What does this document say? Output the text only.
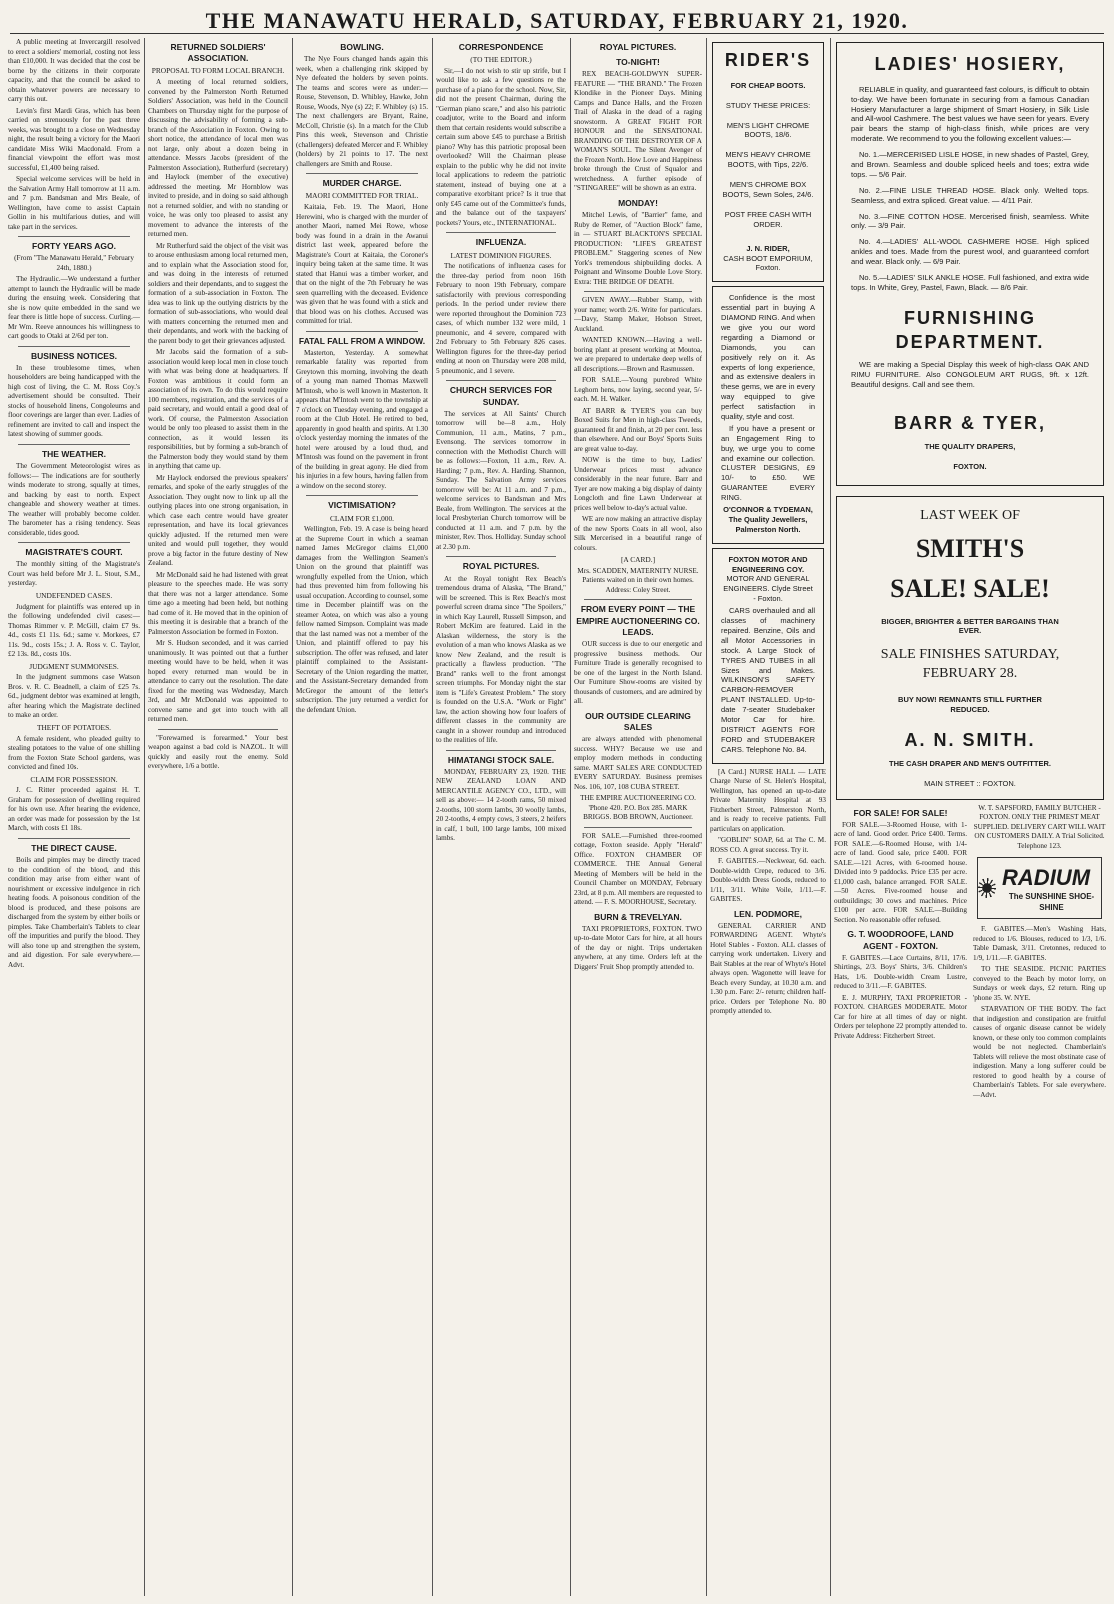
THE MANAWATU HERALD, SATURDAY, FEBRUARY 21, 1920.

A public meeting at Invercargill resolved to erect a soldiers' memorial, costing not less than £10,000. It was decided that the cost be borne by the citizens in their corporate capacity, and that the council be asked to obtain whatever powers are necessary to carry this out.

Levin's first Mardi Gras, which has been carried on strenuously for the past three weeks, was brought to a close on Wednesday night, the result being a victory for the Maori candidate Miss Wiki Macdonald. From a financial viewpoint the effort was most successful, £1,400 being raised.

Special welcome services will be held in the Salvation Army Hall tomorrow at 11 a.m. and 7 p.m. Bandsman and Mrs Beale, of Wellington, have come to assist Captain Gollin in his multifarious duties, and will take part in the services.

FORTY YEARS AGO.

(From "The Manawatu Herald," February 24th, 1880.)

The Hydraulic.—We understand a further attempt to launch the Hydraulic will be made during the ensuing week. Considering that she is now quite embedded in the sand we fear there is little hope of success. Curling.—Mr Wm. Reeve announces his willingness to cart goods to Otaki at 2/6d per ton.

BUSINESS NOTICES.

In these troublesome times, when householders are being handicapped with the high cost of living, the C. M. Ross Coy.'s advertisement should be consulted. Their stocks of household linens, Congoleums and floor coverings are larger than ever. Ladies of refinement are invited to call and inspect the latest showing of summer goods.

THE WEATHER.

The Government Meteorologist wires as follows:— The indications are for southerly winds moderate to strong, squally at times, and backing by east to north. Expect changeable and showery weather at times. The weather will probably become colder. The barometer has a rising tendency. Seas considerable, tides good.

MAGISTRATE'S COURT.

The monthly sitting of the Magistrate's Court was held before Mr J. L. Stout, S.M., yesterday.

UNDEFENDED CASES.

Judgment for plaintiffs was entered up in the following undefended civil cases:— Thomas Rimmer v. P. McGill, claim £7 9s. 4d., costs £1 11s. 6d.; same v. Morkees, £7 11s. 9d., costs 15s.; J. A. Ross v. C. Taylor, £2 13s. 8d., costs 10s.

JUDGMENT SUMMONSES.

In the judgment summons case Watson Bros. v. R. C. Beadnell, a claim of £25 7s. 6d., judgment debtor was examined at length, after hearing which the Magistrate declined to make an order.

THEFT OF POTATOES.

A female resident, who pleaded guilty to stealing potatoes to the value of one shilling from the Foxton State School gardens, was convicted and fined 10s.

CLAIM FOR POSSESSION.

J. C. Ritter proceeded against H. T. Graham for possession of dwelling required for his own use. After hearing the evidence, an order was made for possession by the 1st March, with costs £1 18s.

THE DIRECT CAUSE.

Boils and pimples may be directly traced to the condition of the blood, and this condition may arise from either want of nourishment or excessive indulgence in rich heating foods. A poisonous condition of the blood is produced, and these poisons are discharged from the system by either boils or pimples. Take Chamberlain's Tablets to clear off the impurities and purify the blood. They will also tone up and strengthen the system, and aid digestion. For sale everywhere.—Advt.

RETURNED SOLDIERS' ASSOCIATION.
PROPOSAL TO FORM LOCAL BRANCH.

A meeting of local returned soldiers, convened by the Palmerston North Returned Soldiers' Association, was held in the Council Chambers on Thursday night for the purpose of discussing the advisability of forming a sub-branch of the Association in Foxton. Owing to short notice, the attendance of local men was not large, only about a dozen being in attendance. Messrs Jacobs (president of the Palmerston Association), Rutherfurd (secretary) and Haylock (member of the executive) addressed the meeting. Mr Hornblow was invited to preside, and in doing so said although not a returned soldier, and with no standing or voice, he was only too pleased to assist any movement to advance the interests of the returned men.

Mr Rutherfurd said the object of the visit was to arouse enthusiasm among local returned men, and to explain what the Association stood for, and was doing in the interests of returned soldiers and their dependants, and to suggest the formation of a sub-association in Foxton. The idea was to link up the outlying districts by the formation of sub-associations, who would deal with matters concerning the returned men and their dependants, and work with the backing of the parent body to get their grievances adjusted.

Mr Jacobs said the formation of a sub-association would keep local men in close touch with what was being done at headquarters. If Foxton was ambitious it could form an association of its own. To do this would require 100 members, registration, and the services of a paid secretary, and would entail a good deal of work. Of course, the Palmerston Association would be only too pleased to assist them in the connection, as it would lessen its responsibilities, but by forming a sub-branch of the Palmerston body they would stand by them in anything that came up.

Mr Haylock endorsed the previous speakers' remarks, and spoke of the early struggles of the Association. They ought now to link up all the outlying places into one strong organisation, in which case each centre would have greater representation, and have its local grievances quickly adjusted. If the returned men were united and would pull together, they would prove a big factor in the future destiny of New Zealand.

Mr McDonald said he had listened with great pleasure to the speeches made. He was sorry that there was not a larger attendance. Some time ago a meeting had been held, but nothing had come of it. He moved that in the opinion of this meeting it is desirable that a branch of the Palmerston Association be formed in Foxton.

Mr S. Hudson seconded, and it was carried unanimously. It was pointed out that a further meeting would have to be held, when it was hoped every returned man would be in attendance to carry out the resolution. The date fixed for the meeting was Wednesday, March 3rd, and Mr McDonald was appointed to convene same and get into touch with all returned men.

"Forewarned is forearmed." Your best weapon against a bad cold is NAZOL. It will quickly and easily rout the enemy. Sold everywhere, 1/6 a bottle.

BOWLING.

The Nye Fours changed hands again this week, when a challenging rink skipped by Nye defeated the holders by seven points. The teams and scores were as under:— Rouse, Stevenson, D. Whibley, Hawke, John Rouse, Woods, Nye (s) 22; F. Whibley (s) 15. The next challengers are Bryant, Raine, McColl, Christie (s). In a match for the Club Pins this week, Stevenson and Christie (challengers) defeated Mercer and F. Whibley (holders) by 21 points to 17. The next challengers are Smith and Rouse.

MURDER CHARGE.
MAORI COMMITTED FOR TRIAL.

Kaitaia, Feb. 19. The Maori, Hone Herewini, who is charged with the murder of another Maori, named Mei Rowe, whose body was found in a drain in the Awanui district last week, appeared before the Magistrate's Court at Kaitaia, the Coroner's inquiry being taken at the same time. It was stated that Hanui was a timber worker, and that on the night of the 7th February he was seen quarrelling with the deceased. Evidence was given that he was found with a stick and that blood was on his clothes. Accused was committed for trial.

FATAL FALL FROM A WINDOW.

Masterton, Yesterday. A somewhat remarkable fatality was reported from Greytown this morning, involving the death of a young man named Thomas Maxwell M'Intosh, who is well known in Masterton. It appears that M'Intosh went to the township at 7 o'clock on Tuesday evening, and engaged a room at the Club Hotel. He retired to bed, apparently in good health and spirits. At 1.30 o'clock yesterday morning the inmates of the hotel were aroused by a loud thud, and M'Intosh was found on the pavement in front of the building in great agony. He died from his injuries in a few hours, having fallen from a window on the second storey.

VICTIMISATION?
CLAIM FOR £1,000.

Wellington, Feb. 19. A case is being heard at the Supreme Court in which a seaman named James McGregor claims £1,000 damages from the Wellington Seamen's Union on the ground that plaintiff was wrongfully expelled from the Union, which had thus prevented him from following his usual occupation. According to counsel, some time in December plaintiff was on the steamer Aotea, on which was also a young fellow named Simpson. Complaint was made that the last named was not a member of the Union, and plaintiff offered to pay his subscription. The offer was refused, and later plaintiff complained to the Assistant-Secretary of the Union regarding the matter, and the Assistant-Secretary demanded from McGregor the amount of the letter's subscription. The jury returned a verdict for the defendant Union.

CORRESPONDENCE
(TO THE EDITOR.)

Sir,—I do not wish to stir up strife, but I would like to ask a few questions re the purchase of a piano for the school. Now, Sir, did not the present Chairman, during the "German piano scare," and also his patriotic coadjutor, write to the Board and inform them that certain residents would subscribe a certain sum above £45 to purchase a British piano? Why has this patriotic proposal been overlooked? Will the Chairman please explain to the public why he did not invite local applications to redeem the patriotic statement, instead of buying one at a comparative exorbitant price? Is it true that only £45 came out of the Committee's funds, and the balance out of the taxpayers' pockets? Yours, etc., INTERNATIONAL.

INFLUENZA.
LATEST DOMINION FIGURES.

The notifications of influenza cases for the three-day period from noon 16th February to noon 19th February, compare satisfactorily with previous corresponding periods. In the period under review there were reported throughout the Dominion 723 cases, of which number 132 were mild, 1 pneumonic, and 4 severe, compared with 2nd February to 5th February 826 cases. Wellington figures for the three-day period ending at noon on Thursday were 208 mild, 5 pneumonic, and 1 severe.

CHURCH SERVICES FOR SUNDAY.

The services at All Saints' Church tomorrow will be—8 a.m., Holy Communion, 11 a.m., Matins, 7 p.m., Evensong. The services tomorrow in connection with the Methodist Church will be as follows:—Foxton, 11 a.m., Rev. A. Harding; 7 p.m., Rev. A. Harding. Shannon, Sunday. The Salvation Army services tomorrow will be: At 11 a.m. and 7 p.m., welcome services to Bandsman and Mrs Beale, from Wellington. The services at the local Presbyterian Church tomorrow will be conducted at 11 a.m. and 7 p.m. by the minister, Rev. Thos. Holliday. Sunday school at 2.30 p.m.

ROYAL PICTURES.

At the Royal tonight Rex Beach's tremendous drama of Alaska, "The Brand," will be screened. This is Rex Beach's most powerful screen drama since "The Spoilers," in which Kay Laurell, Russell Simpson, and Robert McKim are featured. Laid in the Alaskan wilderness, the story is the evolution of a man who knows Alaska as we know New Zealand, and the result is practically a flawless production. "The Brand" ranks well to the front amongst screen triumphs. For Monday night the star item is "Life's Greatest Problem." The story is founded on the U.S.A. "Work or Fight" law, the action showing how four loafers of different classes in the community are caught in a shower roundup and introduced to the realities of life.

HIMATANGI STOCK SALE.

MONDAY, FEBRUARY 23, 1920. THE NEW ZEALAND LOAN AND MERCANTILE AGENCY CO., LTD., will sell as above:— 14 2-tooth rams, 50 mixed 2-tooths, 100 storm lambs, 30 woolly lambs, 20 2-tooths, 4 empty cows, 3 steers, 2 heifers in calf, 1 bull, 100 large lambs, 100 mixed lambs.

ROYAL PICTURES.
TO-NIGHT!

REX BEACH-GOLDWYN SUPER-FEATURE — "THE BRAND." The Frozen Klondike in the Pioneer Days. Mining Camps and Dance Halls, and the Frozen Trail of Alaska in the dead of a raging snowstorm. A GREAT FIGHT FOR HONOUR and the SENSATIONAL BRANDING OF THE DESTROYER OF A WOMAN'S SOUL. The Silent Avenger of the Frozen North. How Love and Happiness broke through the Crust of Squalor and wretchedness. A further episode of "STINGAREE" will be shown as an extra.

MONDAY!

Mitchel Lewis, of "Barrier" fame, and Ruby de Remer, of "Auction Block" fame, in — STUART BLACKTON'S SPECIAL PRODUCTION: "LIFE'S GREATEST PROBLEM." Staggering scenes of New York's tremendous shipbuilding docks. A Poignant and Winsome Double Love Story. Extra: THE BRIDGE OF DEATH.

GIVEN AWAY.—Rubber Stamp, with your name; worth 2/6. Write for particulars.—Davy, Stamp Maker, Hobson Street, Auckland.

WANTED KNOWN.—Having a well-boring plant at present working at Moutoa, we are prepared to undertake deep wells of all descriptions.—Brown and Rasmussen.

FOR SALE.—Young purebred White Leghorn hens, now laying, second year, 5/- each. M. H. Walker.

AT BARR & TYER'S you can buy Boxed Suits for Men in high-class Tweeds, guaranteed fit and finish, at 20 per cent. less than elsewhere. And our Boys' Sports Suits are great value to-day.

NOW is the time to buy, Ladies' Underwear prices must advance considerably in the near future. Barr and Tyer are now making a big display of dainty Longcloth and fine Lawn Underwear at prices well below to-day's actual value.

WE are now making an attractive display of the new Sports Coats in all wool, also Silk Mercerised in a beautiful range of colours.

[A CARD.]

Mrs. SCADDEN, MATERNITY NURSE. Patients waited on in their own homes. Address: Coley Street.

FROM EVERY POINT — THE EMPIRE AUCTIONEERING CO. LEADS.

OUR success is due to our energetic and progressive business methods. Our Furniture Trade is generally recognised to be one of the largest in the North Island. Our Furniture Show-rooms are visited by thousands of customers, and are admired by all.

OUR OUTSIDE CLEARING SALES

are always attended with phenomenal success. WHY? Because we use and employ modern methods in conducting same. MART SALES ARE CONDUCTED EVERY SATURDAY. Business premises Nos. 106, 107, 108 CUBA STREET.

THE EMPIRE AUCTIONEERING CO. 'Phone 420. P.O. Box 285. MARK BRIGGS. BOB BROWN, Auctioneer.

FOR SALE.—Furnished three-roomed cottage, Foxton seaside. Apply "Herald" Office. FOXTON CHAMBER OF COMMERCE. THE Annual General Meeting of Members will be held in the Council Chamber on MONDAY, February 23rd, at 8 p.m. All members are requested to attend. — F. S. MOORHOUSE, Secretary.

BURN & TREVELYAN.

TAXI PROPRIETORS, FOXTON. TWO up-to-date Motor Cars for hire, at all hours of the day or night. Trips undertaken anywhere, at any time. Orders left at the Diggers' Fruit Shop promptly attended to.

RIDER'S
FOR CHEAP BOOTS.
STUDY THESE PRICES:

MEN'S LIGHT CHROME BOOTS, 18/6.

MEN'S HEAVY CHROME BOOTS, with Tips, 22/6.

MEN'S CHROME BOX BOOTS, Sewn Soles, 24/6.

POST FREE CASH WITH ORDER.

J. N. RIDER,

CASH BOOT EMPORIUM, Foxton.

Confidence is the most essential part in buying A DIAMOND RING. And when we give you our word regarding a Diamond or Diamonds, you can positively rely on it. As experts of long experience, and as extensive dealers in these gems, we are in every way equipped to give perfect satisfaction in quality, style and cost.

If you have a present or an Engagement Ring to buy, we urge you to come and examine our collection. CLUSTER DESIGNS, £9 10/- to £50. WE GUARANTEE EVERY RING.

O'CONNOR & TYDEMAN, The Quality Jewellers, Palmerston North.

FOXTON MOTOR AND ENGINEERING COY.

MOTOR AND GENERAL ENGINEERS. Clyde Street - Foxton.

CARS overhauled and all classes of machinery repaired. Benzine, Oils and all Motor Accessories in stock. A Large Stock of TYRES AND TUBES in all Sizes and Makes. WILKINSON'S SAFETY CARBON-REMOVER PLANT INSTALLED. Up-to-date 7-seater Studebaker Motor Car for hire. DISTRICT AGENTS FOR FORD and STUDEBAKER CARS. Telephone No. 84.

[A Card.] NURSE HALL — LATE Charge Nurse of St. Helen's Hospital, Wellington, has opened an up-to-date Private Maternity Hospital at 93 Fitzherbert Street, Palmerston North, and is ready to receive patients. Full particulars on application.

"GOBLIN" SOAP, 6d. at The C. M. ROSS CO. A great success. Try it.

F. GABITES.—Neckwear, 6d. each. Double-width Crepe, reduced to 3/6. Double-width Dress Goods, reduced to 1/11, 3/11. White Voile, 1/11.—F. GABITES.

LEN. PODMORE,

GENERAL CARRIER AND FORWARDING AGENT. Whyte's Hotel Stables - Foxton. ALL classes of carrying work undertaken. Livery and Bait Stables at the rear of Whyte's Hotel always open. Wagonette will leave for Beach every Sunday, at 10.30 a.m. and 1.30 p.m. Fare: 2/- return; children half-price. Orders per Telephone No. 80 promptly attended to.

LADIES' HOSIERY,

RELIABLE in quality, and guaranteed fast colours, is difficult to obtain to-day. We have been fortunate in securing from a famous Canadian Hosiery Manufacturer a large shipment of Smart Hosiery, in Silk Lisle and All-wool Cashmere. The best values we have seen for years. Every pair bears the stamp of high-class finish, while prices are very moderate. We recommend to you the following excellent values:—

No. 1.—MERCERISED LISLE HOSE, in new shades of Pastel, Grey, and Brown. Seamless and double spliced heels and toes; extra wide tops. — 5/6 Pair.

No. 2.—FINE LISLE THREAD HOSE. Black only. Welted tops. Seamless, and extra spliced. Great value. — 4/11 Pair.

No. 3.—FINE COTTON HOSE. Mercerised finish, seamless. White only. — 3/9 Pair.

No. 4.—LADIES' ALL-WOOL CASHMERE HOSE. High spliced ankles and toes. Made from the purest wool, and guaranteed comfort and wear. Black only. — 6/9 Pair.

No. 5.—LADIES' SILK ANKLE HOSE. Full fashioned, and extra wide tops. In White, Grey, Pastel, Fawn, Black. — 8/6 Pair.

FURNISHING DEPARTMENT.

WE are making a Special Display this week of high-class OAK AND RIMU FURNITURE. Also CONGOLEUM ART RUGS, 9ft. x 12ft. Beautiful designs. Call and see them.

BARR & TYER,
THE QUALITY DRAPERS,
FOXTON.
LAST WEEK OF
SMITH'S
SALE! SALE!
BIGGER, BRIGHTER & BETTER BARGAINS THAN EVER.
SALE FINISHES SATURDAY, FEBRUARY 28.
BUY NOW! REMNANTS STILL FURTHER REDUCED.
A. N. SMITH.
THE CASH DRAPER AND MEN'S OUTFITTER.
MAIN STREET :: FOXTON.
FOR SALE! FOR SALE!

FOR SALE.—3-Roomed House, with 1-acre of land. Good order. Price £400. Terms. FOR SALE.—6-Roomed House, with 1/4-acre of land. Good sale, price £400. FOR SALE.—121 Acres, with 6-roomed house. Divided into 9 paddocks. Price £35 per acre. £1,000 cash, balance arranged. FOR SALE.—50 Acres. Five-roomed house and outbuildings; 30 cows and machines. Price £100 per acre. FOR SALE.—Building Section. No reasonable offer refused.

G. T. WOODROOFE, LAND AGENT - FOXTON.

F. GABITES.—Lace Curtains, 8/11, 17/6. Shirtings, 2/3. Boys' Shirts, 3/6. Children's Hats, 1/6. Double-width Cream Lustre, reduced to 3/11.—F. GABITES.

E. J. MURPHY, TAXI PROPRIETOR - FOXTON. CHARGES MODERATE. Motor Car for hire at all times of day or night. Orders per telephone 22 promptly attended to. Private Address: Fitzherbert Street.

W. T. SAPSFORD, FAMILY BUTCHER - FOXTON. ONLY THE PRIMEST MEAT SUPPLIED. DELIVERY CART WILL WAIT ON CUSTOMERS DAILY. A Trial Solicited. Telephone 123.

RADIUM
The SUNSHINE SHOE-SHINE

F. GABITES.—Men's Washing Hats, reduced to 1/6. Blouses, reduced to 1/3, 1/6. Table Damask, 3/11. Cretonnes, reduced to 1/9, 1/11.—F. GABITES.

TO THE SEASIDE. PICNIC PARTIES conveyed to the Beach by motor lorry, on Sundays or week days, £2 return. Ring up 'phone 35. W. NYE.

STARVATION OF THE BODY. The fact that indigestion and constipation are fruitful causes of organic disease cannot be widely known, or these only too common complaints would be not neglected. Chamberlain's Tablets will relieve the most obstinate case of indigestion. Many a long sufferer could be restored to good health by a course of Chamberlain's Tablets. For sale everywhere.—Advt.
